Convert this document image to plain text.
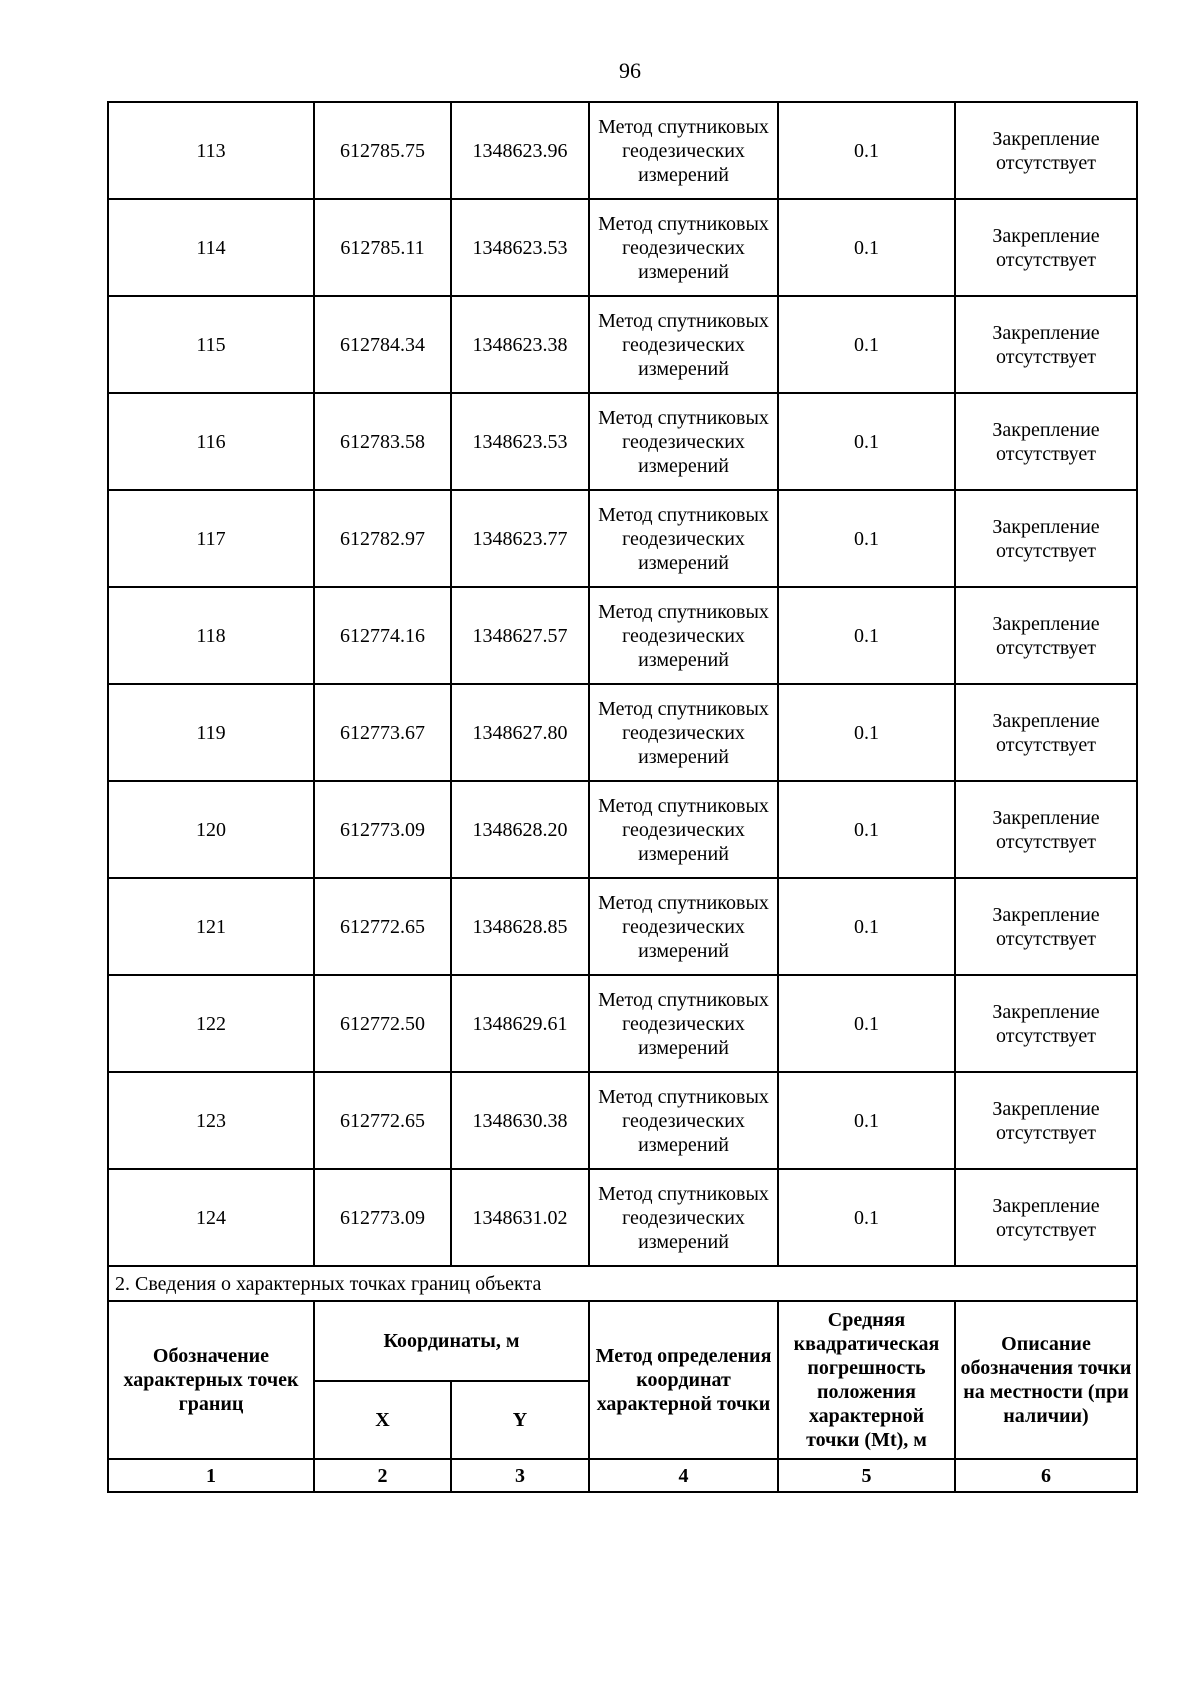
96
113	612785.75	1348623.96	Метод спутниковых геодезических измерений	0.1	Закрепление отсутствует
114	612785.11	1348623.53	Метод спутниковых геодезических измерений	0.1	Закрепление отсутствует
115	612784.34	1348623.38	Метод спутниковых геодезических измерений	0.1	Закрепление отсутствует
116	612783.58	1348623.53	Метод спутниковых геодезических измерений	0.1	Закрепление отсутствует
117	612782.97	1348623.77	Метод спутниковых геодезических измерений	0.1	Закрепление отсутствует
118	612774.16	1348627.57	Метод спутниковых геодезических измерений	0.1	Закрепление отсутствует
119	612773.67	1348627.80	Метод спутниковых геодезических измерений	0.1	Закрепление отсутствует
120	612773.09	1348628.20	Метод спутниковых геодезических измерений	0.1	Закрепление отсутствует
121	612772.65	1348628.85	Метод спутниковых геодезических измерений	0.1	Закрепление отсутствует
122	612772.50	1348629.61	Метод спутниковых геодезических измерений	0.1	Закрепление отсутствует
123	612772.65	1348630.38	Метод спутниковых геодезических измерений	0.1	Закрепление отсутствует
124	612773.09	1348631.02	Метод спутниковых геодезических измерений	0.1	Закрепление отсутствует
2. Сведения о характерных точках границ объекта					
Обозначение характерных точек границ	Координаты, м		Метод определения координат характерной точки	Средняя квадратическая погрешность положения характерной точки (Mt), м	Описание обозначения точки на местности (при наличии)
	X	Y			
1	2	3	4	5	6
